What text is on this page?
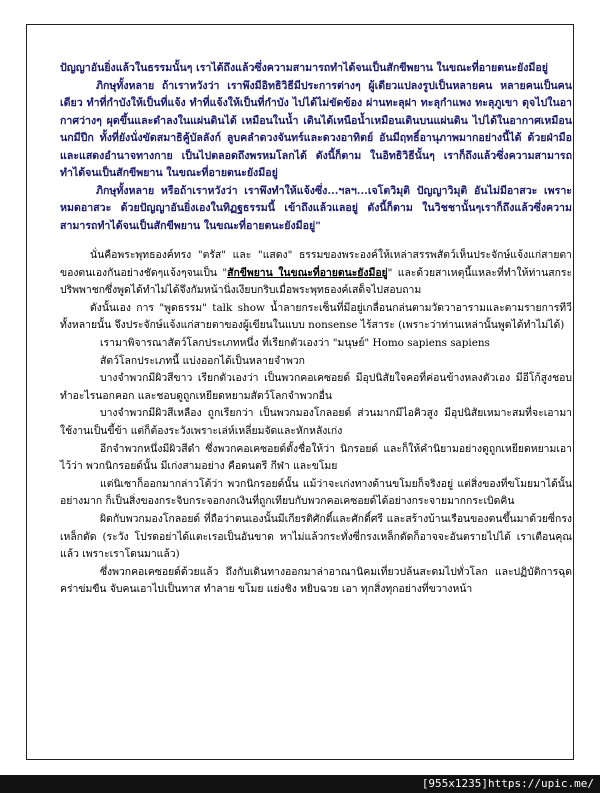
ปัญญาอันยิ่งแล้วในธรรมนั้นๆ เราได้ถึงแล้วซึ่งความสามารถทำได้จนเป็นสักขีพยาน ในขณะที่อายตนะยังมีอยู่

ภิกษุทั้งหลาย ถ้าเราหวังว่า เราพึงมีอิทธิวิธีมีประการต่างๆ ผู้เดียวแปลงรูปเป็นหลายคน หลายคนเป็นคนเดียว ทำที่กำบังให้เป็นที่แจ้ง ทำที่แจ้งให้เป็นที่กำบัง ไปได้ไม่ขัดข้อง ผ่านทะลุฝา ทะลุกำแพง ทะลุภูเขา ดุจไปในอากาศว่างๆ ผุดขึ้นและดำลงในแผ่นดินได้ เหมือนในน้ำ เดินได้เหนือน้ำเหมือนเดินบนแผ่นดิน ไปได้ในอากาศเหมือนนกมีปีก ทั้งที่ยังนั่งขัดสมาธิคู้บัลลังก์ ลูบคลำดวงจันทร์และดวงอาทิตย์ อันมีฤทธิ์อานุภาพมากอย่างนี้ได้ ด้วยฝ่ามือ และแสดงอำนาจทางกาย เป็นไปตลอดถึงพรหมโลกได้ ดังนี้ก็ตาม ในอิทธิวิธีนั้นๆ เราก็ถึงแล้วซึ่งความสามารถทำได้จนเป็นสักขีพยาน ในขณะที่อายตนะยังมีอยู่

ภิกษุทั้งหลาย หรือถ้าเราหวังว่า เราพึงทำให้แจ้งซึ่ง...ฯลฯ...เจโตวิมุติ ปัญญาวิมุติ อันไม่มีอาสวะ เพราะหมดอาสวะ ด้วยปัญญาอันยิ่งเองในทิฏฐธรรมนี้ เข้าถึงแล้วแลอยู่ ดังนี้ก็ตาม ในวิชชานั้นๆเราก็ถึงแล้วซึ่งความสามารถทำได้จนเป็นสักขีพยาน ในขณะที่อายตนะยังมีอยู่"

นั่นคือพระพุทธองค์ทรง "ตรัส" และ "แสดง" ธรรมของพระองค์ให้เหล่าสรรพสัตว์เห็นประจักษ์แจ้งแก่สายตาของตนเองกันอย่างชัดๆแจ้งๆจนเป็น "สักขีพยาน ในขณะที่อายตนะยังมีอยู่" และด้วยสาเหตุนี้แหละที่ทำให้ท่านสกระปริพพาชกซึ่งพูดได้ทำไม่ได้จึงกัมหน้านิ่งเงียบกริบเมื่อพระพุทธองค์เสด็จไปสอบถาม

ดังนั้นเอง การ "พูดธรรม" talk show น้ำลายกระเซ็นที่มีอยู่เกลื่อนกล่นตามวัดวาอารามและตามรายการทีวีทั้งหลายนั้น จึงประจักษ์แจ้งแก่สายตาของผู้เขียนในแบบ nonsense ไร้สาระ (เพราะว่าท่านเหล่านั้นพูดได้ทำไม่ได้)

เรามาพิจารณาสัตว์โลกประเภทหนึ่ง ที่เรียกตัวเองว่า "มนุษย์" Homo sapiens sapiens

สัตว์โลกประเภทนี้ แบ่งออกได้เป็นหลายจำพวก

บางจำพวกมีผิวสีขาว เรียกตัวเองว่า เป็นพวกคอเคซอยด์ มีอุปนิสัยใจคอที่ค่อนข้างหลงตัวเอง มีอีโก้สูงชอบทำอะไรนอกคอก และชอบดูถูกเหยียดหยามสัตว์โลกจำพวกอื่น

บางจำพวกมีผิวสีเหลือง ถูกเรียกว่า เป็นพวกมองโกลอยด์ ส่วนมากมีไอคิวสูง มีอุปนิสัยเหมาะสมที่จะเอามาใช้งานเป็นขี้ข้า แต่ก็ต้องระวังเพราะเล่ห์เหลี่ยมจัดและหักหลังเก่ง

อีกจำพวกหนึ่งมีผิวสีดำ ซึ่งพวกคอเคซอยด์ตั้งชื่อให้ว่า นิกรอยด์ และก็ให้คำนิยามอย่างดูถูกเหยียดหยามเอาไว้ว่า พวกนิกรอยด์นั้น มีเก่งสามอย่าง คือดนตรี กีฬา และขโมย

แต่นิเซาก็ออกมากล่าวโต้ว่า พวกนิกรอยด์นั้น แม้ว่าจะเก่งทางด้านขโมยก็จริงอยู่ แต่สิ่งของที่ขโมยมาได้นั้น อย่างมาก ก็เป็นสิ่งของกระจิบกระจอกงกเงินที่ถูกเทียบกับพวกคอเคซอยด์ได้อย่างกระจายมากกระเบิดคิน

ผิดกับพวกมองโกลอยด์ ที่ถือว่าตนเองนั้นมีเกียรติศักดิ์และศักดิ์ศรี และสร้างบ้านเรือนของตนขึ้นมาด้วยซี่กรงเหล็กดัด (ระวัง โปรดอย่าได้แตะเรอเป็นอันขาด หาไม่แล้วกระทั่งซี่กรงเหล็กดัดก็อาจจะอันตรายไปได้ เราเตือนคุณแล้ว เพราะเราโดนมาแล้ว)

ซึ่งพวกคอเคซอยด์ด้วยแล้ว ถึงกับเดินทางออกมาล่าอาณานิคมเที่ยวปล้นสะดมไปทั่วโลก และปฏิบัติการฉุดคร่าข่มขืน จับคนเอาไปเป็นทาส ทำลาย ขโมย แย่งชิง หยิบฉวย เอา ทุกสิ่งทุกอย่างที่ขวางหน้า

[955x1235]https://upic.me/
